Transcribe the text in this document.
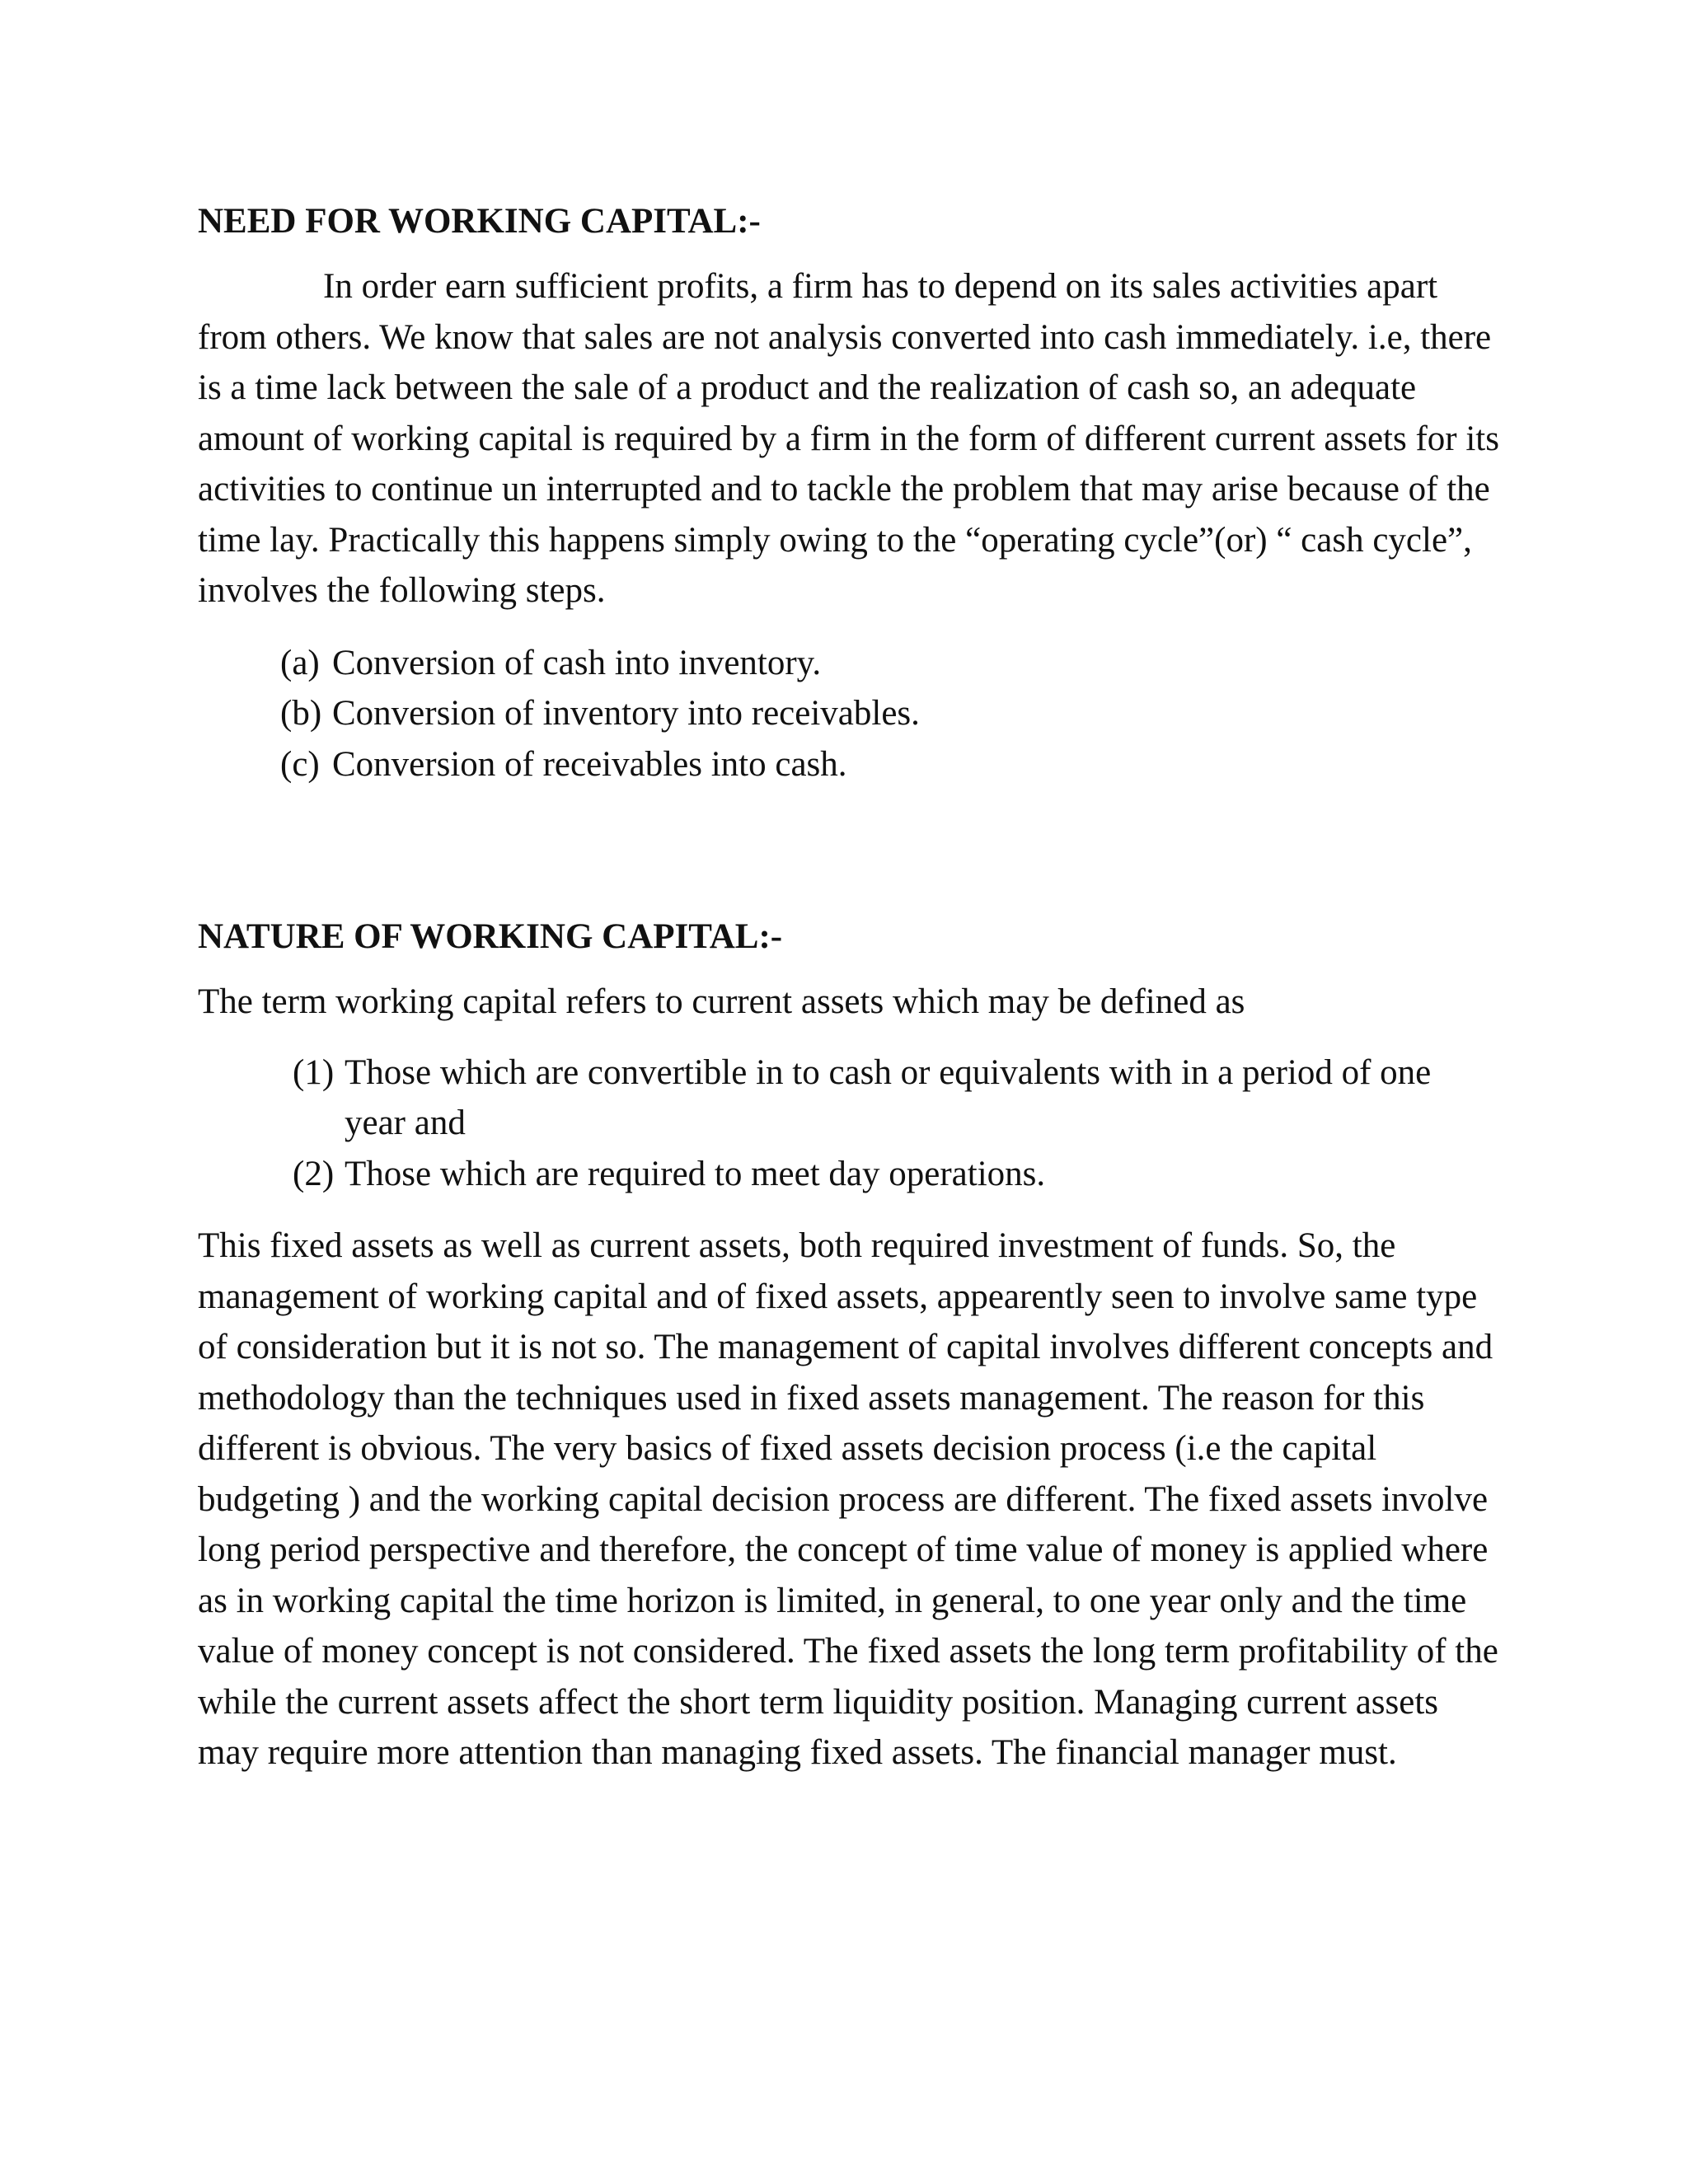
NEED FOR WORKING CAPITAL:-

In order earn sufficient profits, a firm has to depend on its sales activities apart from others. We know that sales are not analysis converted into cash immediately. i.e, there is a time lack between the sale of a product and the realization of cash so, an adequate amount of working capital is required by a firm in the form of different current assets for its activities to continue un interrupted and to tackle the problem that may arise because of the time lay. Practically this happens simply owing to the “operating cycle”(or) “ cash cycle”, involves the following steps.

(a) Conversion of cash into inventory.
(b) Conversion of inventory into receivables.
(c) Conversion of receivables into cash.
NATURE OF WORKING CAPITAL:-

The term working capital refers to current assets which may be defined as

(1) Those which are convertible in to cash or equivalents with in a period of one year and
(2) Those which are required to meet day operations.

This fixed assets as well as current assets, both required investment of funds. So, the management of working capital and of fixed assets, appearently seen to involve same type of consideration but it is not so. The management of capital involves different concepts and methodology than the techniques used in fixed assets management. The reason for this different is obvious. The very basics of fixed assets decision process (i.e the capital budgeting ) and the working capital decision process are different. The fixed assets involve long period perspective and therefore, the concept of time value of money is applied where as in working capital the time horizon is limited, in general, to one year only and the time value of money concept is not considered. The fixed assets the long term profitability of the while the current assets affect the short term liquidity position. Managing current assets may require more attention than managing fixed assets. The financial manager must.
